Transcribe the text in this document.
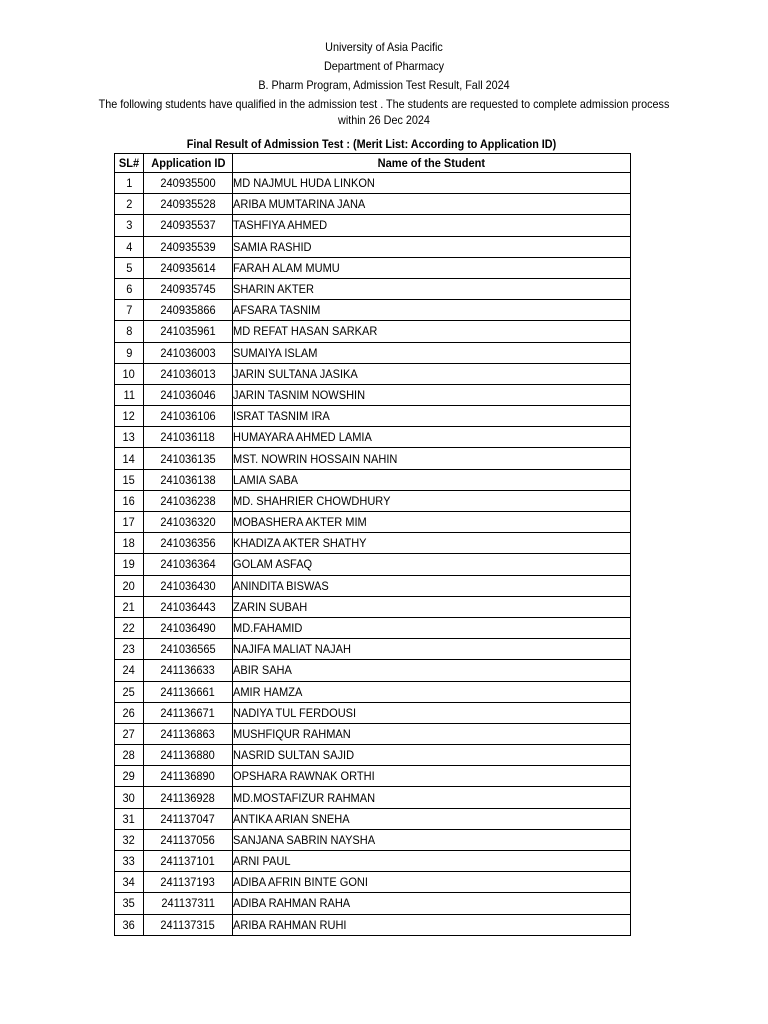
University of Asia Pacific
Department of Pharmacy
B. Pharm Program, Admission Test Result, Fall 2024
The following students have qualified in the admission test . The students are requested to complete admission process within 26 Dec 2024
Final Result of Admission Test : (Merit List: According to Application ID)
SL#	Application ID	Name of the Student
1	240935500	MD NAJMUL HUDA LINKON
2	240935528	ARIBA MUMTARINA JANA
3	240935537	TASHFIYA AHMED
4	240935539	SAMIA RASHID
5	240935614	FARAH ALAM MUMU
6	240935745	SHARIN AKTER
7	240935866	AFSARA TASNIM
8	241035961	MD REFAT HASAN SARKAR
9	241036003	SUMAIYA ISLAM
10	241036013	JARIN SULTANA JASIKA
11	241036046	JARIN TASNIM NOWSHIN
12	241036106	ISRAT TASNIM IRA
13	241036118	HUMAYARA AHMED LAMIA
14	241036135	MST. NOWRIN HOSSAIN NAHIN
15	241036138	LAMIA SABA
16	241036238	MD. SHAHRIER CHOWDHURY
17	241036320	MOBASHERA AKTER MIM
18	241036356	KHADIZA AKTER SHATHY
19	241036364	GOLAM ASFAQ
20	241036430	ANINDITA BISWAS
21	241036443	ZARIN SUBAH
22	241036490	MD.FAHAMID
23	241036565	NAJIFA MALIAT NAJAH
24	241136633	ABIR SAHA
25	241136661	AMIR HAMZA
26	241136671	NADIYA TUL FERDOUSI
27	241136863	MUSHFIQUR RAHMAN
28	241136880	NASRID SULTAN SAJID
29	241136890	OPSHARA RAWNAK ORTHI
30	241136928	MD.MOSTAFIZUR RAHMAN
31	241137047	ANTIKA ARIAN SNEHA
32	241137056	SANJANA SABRIN NAYSHA
33	241137101	ARNI PAUL
34	241137193	ADIBA AFRIN BINTE GONI
35	241137311	ADIBA RAHMAN RAHA
36	241137315	ARIBA RAHMAN RUHI
